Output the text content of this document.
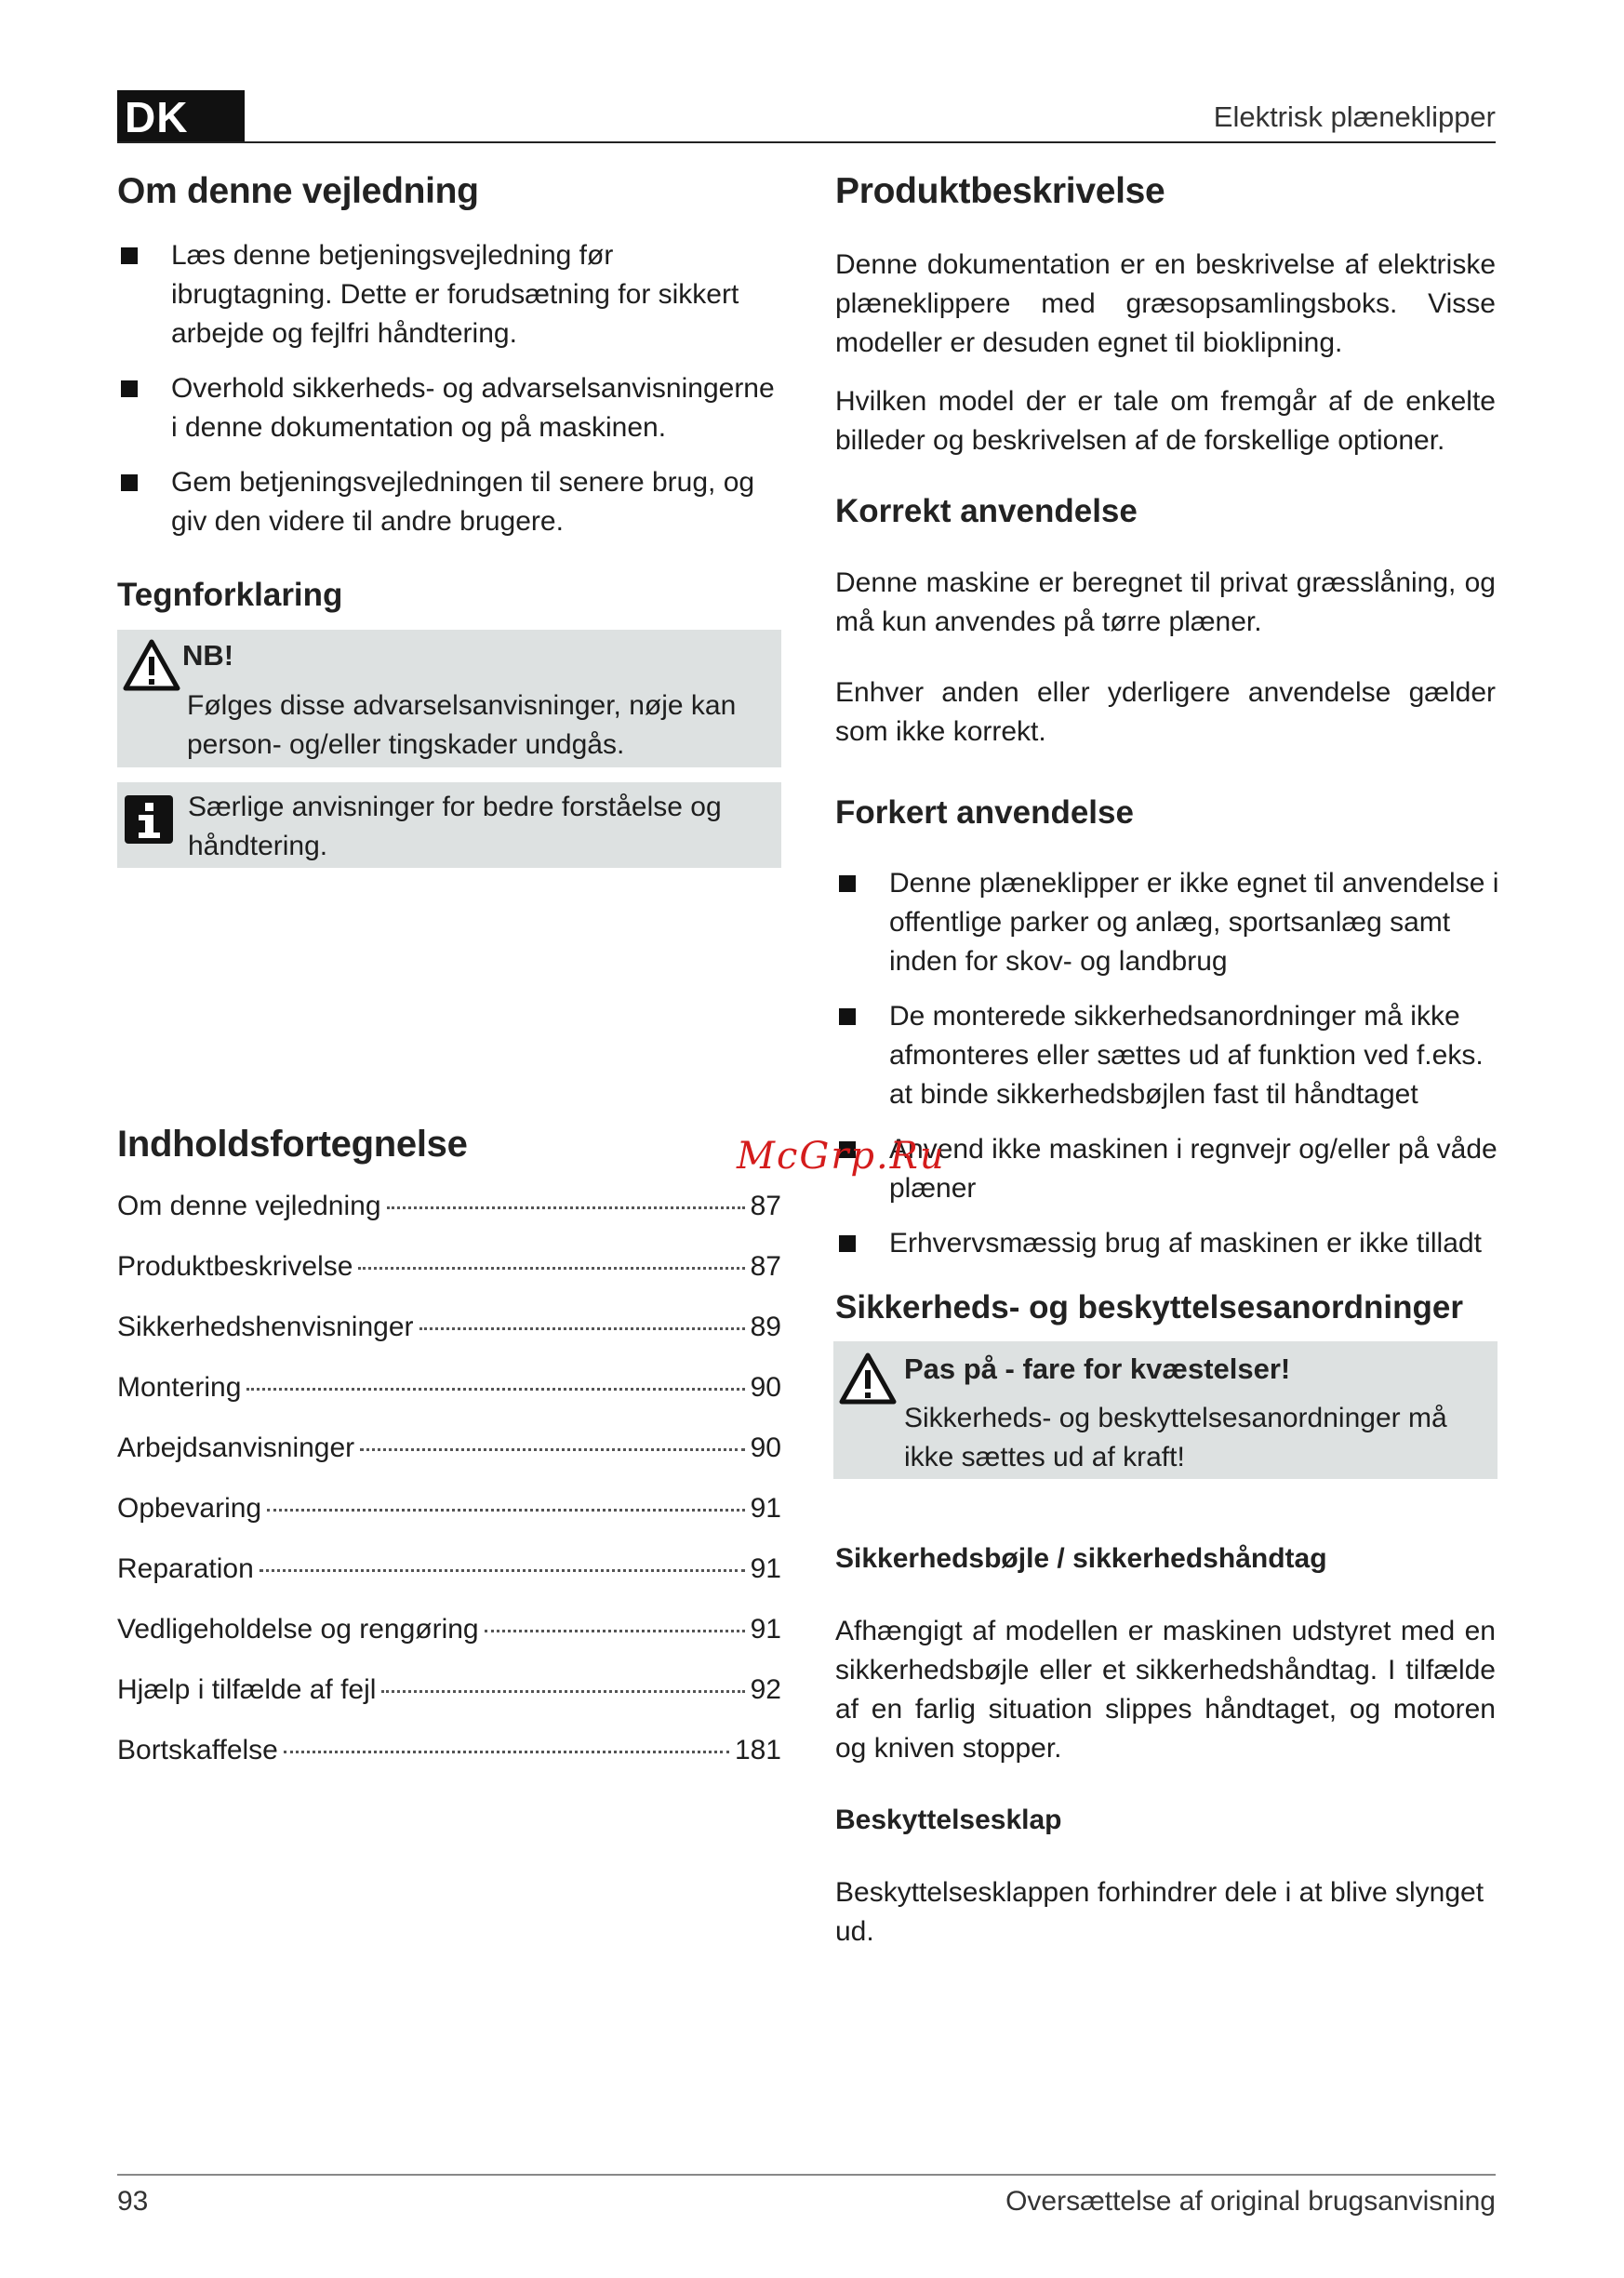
DK	Elektrisk plæneklipper
Om denne vejledning
Læs denne betjeningsvejledning før ibrugtagning. Dette er forudsætning for sikkert arbejde og fejlfri håndtering.
Overhold sikkerheds- og advarselsanvisningerne i denne dokumentation og på maskinen.
Gem betjeningsvejledningen til senere brug, og giv den videre til andre brugere.
Tegnforklaring
NB!
Følges disse advarselsanvisninger, nøje kan person- og/eller tingskader undgås.
Særlige anvisninger for bedre forståelse og håndtering.
Indholdsfortegnelse
Om denne vejledning	87
Produktbeskrivelse	87
Sikkerhedshenvisninger	89
Montering	90
Arbejdsanvisninger	90
Opbevaring	91
Reparation	91
Vedligeholdelse og rengøring	91
Hjælp i tilfælde af fejl	92
Bortskaffelse	181
Produktbeskrivelse
Denne dokumentation er en beskrivelse af elektriske plæneklippere med græsopsamlingsboks. Visse modeller er desuden egnet til bioklipning.
Hvilken model der er tale om fremgår af de enkelte billeder og beskrivelsen af de forskellige optioner.
Korrekt anvendelse
Denne maskine er beregnet til privat græsslåning, og må kun anvendes på tørre plæner.
Enhver anden eller yderligere anvendelse gælder som ikke korrekt.
Forkert anvendelse
Denne plæneklipper er ikke egnet til anvendelse i offentlige parker og anlæg, sportsanlæg samt inden for skov- og landbrug
De monterede sikkerhedsanordninger må ikke afmonteres eller sættes ud af funktion ved f.eks. at binde sikkerhedsbøjlen fast til håndtaget
Anvend ikke maskinen i regnvejr og/eller på våde plæner
Erhvervsmæssig brug af maskinen er ikke tilladt
Sikkerheds- og beskyttelsesanordninger
Pas på - fare for kvæstelser!
Sikkerheds- og beskyttelsesanordninger må ikke sættes ud af kraft!
Sikkerhedsbøjle / sikkerhedshåndtag
Afhængigt af modellen er maskinen udstyret med en sikkerhedsbøjle eller et sikkerhedshåndtag. I tilfælde af en farlig situation slippes håndtaget, og motoren og kniven stopper.
Beskyttelsesklap
Beskyttelsesklappen forhindrer dele i at blive slynget ud.
McGrp.Ru
93	Oversættelse af original brugsanvisning
